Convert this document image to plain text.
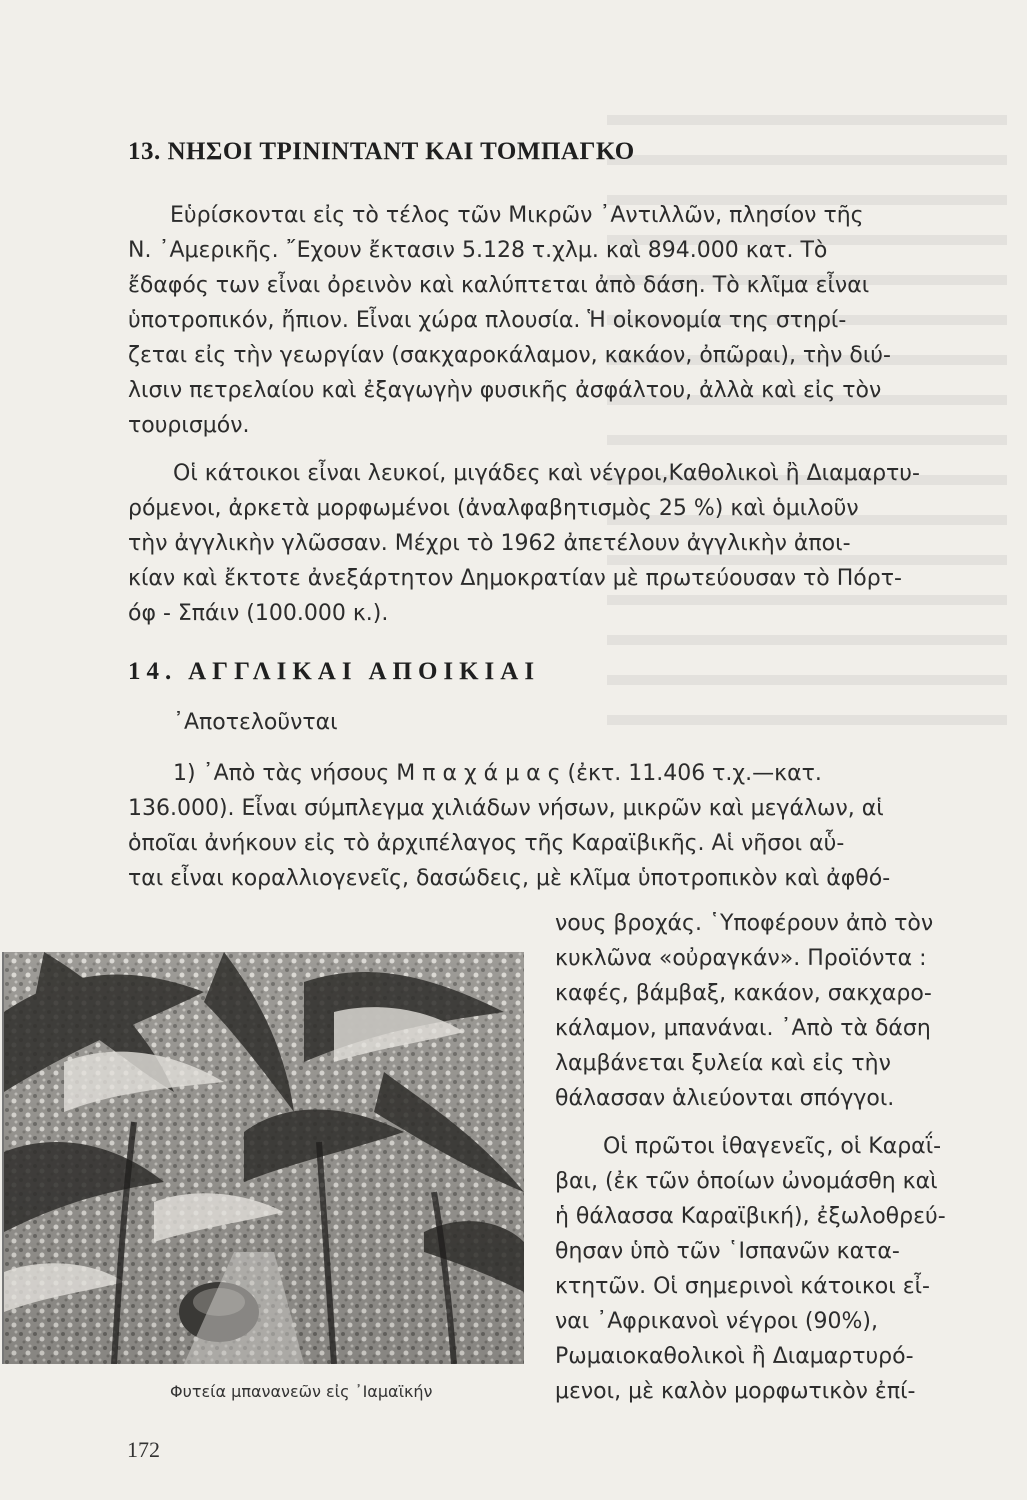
13. ΝΗΣΟΙ ΤΡΙΝΙΝΤΑΝΤ ΚΑΙ ΤΟΜΠΑΓΚΟ
Εὑρίσκονται εἰς τὸ τέλος τῶν Μικρῶν ᾿Αντιλλῶν, πλησίον τῆς
Ν. ᾿Αμερικῆς. ῎Εχουν ἔκτασιν 5.128 τ.χλμ. καὶ 894.000 κατ. Τὸ
ἔδαφός των εἶναι ὀρεινὸν καὶ καλύπτεται ἀπὸ δάση. Τὸ κλῖμα εἶναι
ὑποτροπικόν, ἤπιον. Εἶναι χώρα πλουσία. Ἡ οἰκονομία της στηρί-
ζεται εἰς τὴν γεωργίαν (σακχαροκάλαμον, κακάον, ὀπῶραι), τὴν διύ-
λισιν πετρελαίου καὶ ἐξαγωγὴν φυσικῆς ἀσφάλτου, ἀλλὰ καὶ εἰς τὸν
τουρισμόν.
Οἱ κάτοικοι εἶναι λευκοί, μιγάδες καὶ νέγροι,Καθολικοὶ ἢ Διαμαρτυ-
ρόμενοι, ἀρκετὰ μορφωμένοι (ἀναλφαβητισμὸς 25 %) καὶ ὁμιλοῦν
τὴν ἀγγλικὴν γλῶσσαν. Μέχρι τὸ 1962 ἀπετέλουν ἀγγλικὴν ἀποι-
κίαν καὶ ἔκτοτε ἀνεξάρτητον Δημοκρατίαν μὲ πρωτεύουσαν τὸ Πόρτ-
όφ - Σπάιν (100.000 κ.).
14. ΑΓΓΛΙΚΑΙ ΑΠΟΙΚΙΑΙ
᾿Αποτελοῦνται
1) ᾿Απὸ τὰς νήσους Μ π α χ ά μ α ς (ἐκτ. 11.406 τ.χ.—κατ.
136.000). Εἶναι σύμπλεγμα χιλιάδων νήσων, μικρῶν καὶ μεγάλων, αἱ
ὁποῖαι ἀνήκουν εἰς τὸ ἀρχιπέλαγος τῆς Καραϊβικῆς. Αἱ νῆσοι αὗ-
ται εἶναι κοραλλιογενεῖς, δασώδεις, μὲ κλῖμα ὑποτροπικὸν καὶ ἀφθό-
νους βροχάς. ῾Υποφέρουν ἀπὸ τὸν
κυκλῶνα «οὐραγκάν». Προϊόντα :
καφές, βάμβαξ, κακάον, σακχαρο-
κάλαμον, μπανάναι. ᾿Απὸ τὰ δάση
λαμβάνεται ξυλεία καὶ εἰς τὴν
θάλασσαν ἁλιεύονται σπόγγοι.
Οἱ πρῶτοι ἰθαγενεῖς, οἱ Καραΐ-
βαι, (ἐκ τῶν ὁποίων ὠνομάσθη καὶ
ἡ θάλασσα Καραϊβική), ἐξωλοθρεύ-
θησαν ὑπὸ τῶν ῾Ισπανῶν κατα-
κτητῶν. Οἱ σημερινοὶ κάτοικοι εἶ-
ναι ᾿Αφρικανοὶ νέγροι (90%),
Ρωμαιοκαθολικοὶ ἢ Διαμαρτυρό-
μενοι, μὲ καλὸν μορφωτικὸν ἐπί-
Φυτεία μπανανεῶν εἰς ᾿Ιαμαϊκήν
172
